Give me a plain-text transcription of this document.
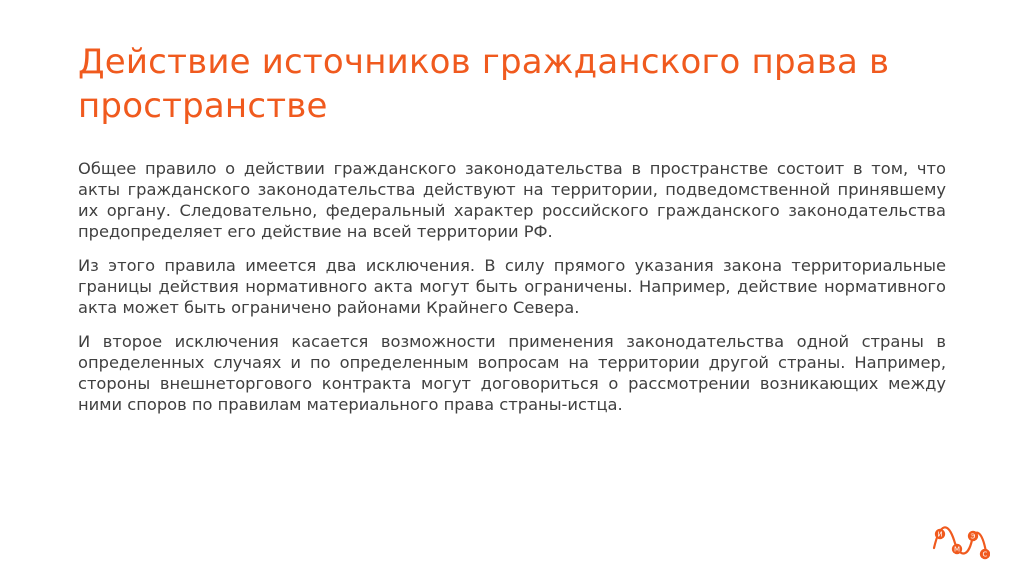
Действие источников гражданского права в пространстве

Общее правило о действии гражданского законодательства в пространстве состоит в том, что акты гражданского законодательства действуют на территории, подведомственной принявшему их органу. Следовательно, федеральный характер российского гражданского законодательства предопределяет его действие на всей территории РФ.

Из этого правила имеется два исключения. В силу прямого указания закона территориальные границы действия нормативного акта могут быть ограничены. Например, действие нормативного акта может быть ограничено районами Крайнего Севера.

И второе исключения касается возможности применения законодательства одной страны в определенных случаях и по определенным вопросам на территории другой страны. Например, стороны внешнеторгового контракта могут договориться о рассмотрении возникающих между ними споров по правилам материального права страны-истца.

И
М
Э
С
